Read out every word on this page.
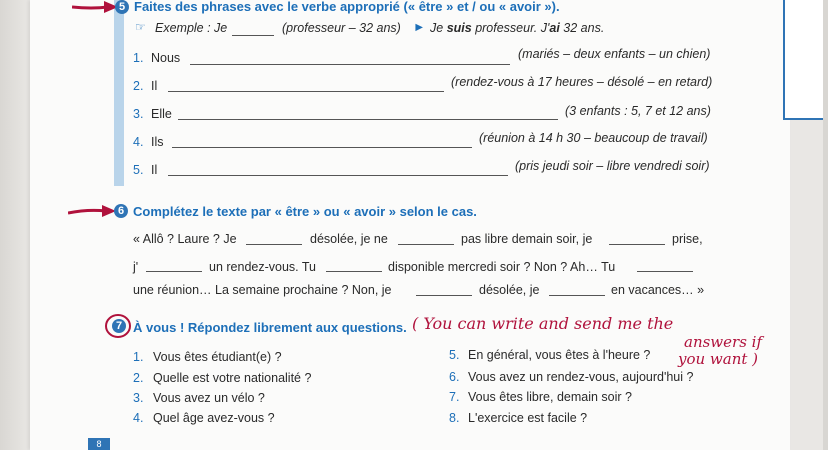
5 Faites des phrases avec le verbe approprié (« être » et / ou « avoir »).
☞ Exemple : Je	(professeur – 32 ans) ► Je suis professeur. J'ai 32 ans.
1. Nous	(mariés – deux enfants – un chien)
2. Il	(rendez-vous à 17 heures – désolé – en retard)
3. Elle	(3 enfants : 5, 7 et 12 ans)
4. Ils	(réunion à 14 h 30 – beaucoup de travail)
5. Il	(pris jeudi soir – libre vendredi soir)
6 Complétez le texte par « être » ou « avoir » selon le cas.
« Allô ? Laure ? Je	désolée, je ne	pas libre demain soir, je	prise,
j'	un rendez-vous. Tu	disponible mercredi soir ? Non ? Ah… Tu
une réunion… La semaine prochaine ? Non, je	désolée, je	en vacances… »
7 À vous ! Répondez librement aux questions. ( You can write and send me the
answers if
you want )
1. Vous êtes étudiant(e) ?
2. Quelle est votre nationalité ?
3. Vous avez un vélo ?
4. Quel âge avez-vous ?
5. En général, vous êtes à l'heure ?
6. Vous avez un rendez-vous, aujourd'hui ?
7. Vous êtes libre, demain soir ?
8. L'exercice est facile ?
8
